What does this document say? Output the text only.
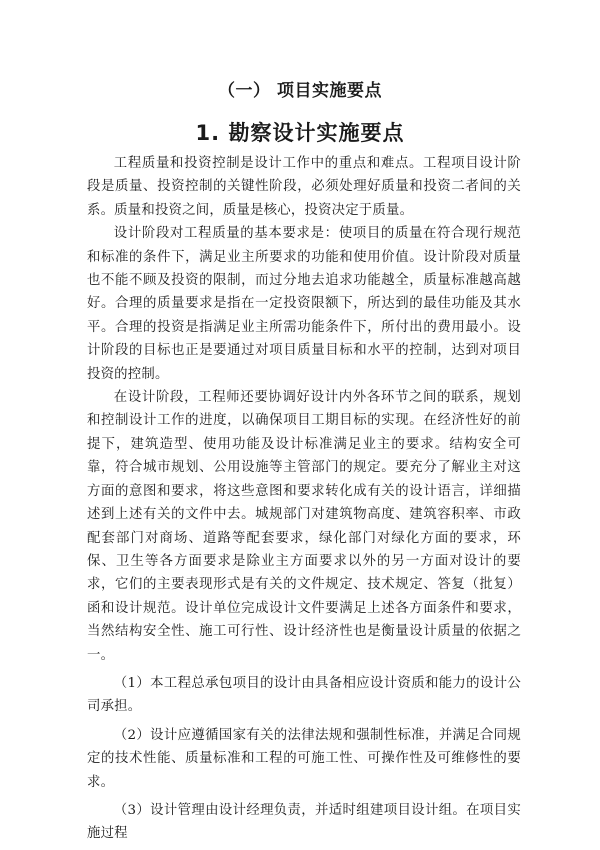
（一） 项目实施要点
1. 勘察设计实施要点

工程质量和投资控制是设计工作中的重点和难点。工程项目设计阶段是质量、投资控制的关键性阶段，必须处理好质量和投资二者间的关系。质量和投资之间，质量是核心，投资决定于质量。

设计阶段对工程质量的基本要求是：使项目的质量在符合现行规范和标准的条件下，满足业主所要求的功能和使用价值。设计阶段对质量也不能不顾及投资的限制，而过分地去追求功能越全，质量标准越高越好。合理的质量要求是指在一定投资限额下，所达到的最佳功能及其水平。合理的投资是指满足业主所需功能条件下，所付出的费用最小。设计阶段的目标也正是要通过对项目质量目标和水平的控制，达到对项目投资的控制。

在设计阶段，工程师还要协调好设计内外各环节之间的联系，规划和控制设计工作的进度，以确保项目工期目标的实现。在经济性好的前提下，建筑造型、使用功能及设计标准满足业主的要求。结构安全可靠，符合城市规划、公用设施等主管部门的规定。要充分了解业主对这方面的意图和要求，将这些意图和要求转化成有关的设计语言，详细描述到上述有关的文件中去。城规部门对建筑物高度、建筑容积率、市政配套部门对商场、道路等配套要求，绿化部门对绿化方面的要求，环保、卫生等各方面要求是除业主方面要求以外的另一方面对设计的要求，它们的主要表现形式是有关的文件规定、技术规定、答复（批复）函和设计规范。设计单位完成设计文件要满足上述各方面条件和要求，当然结构安全性、施工可行性、设计经济性也是衡量设计质量的依据之一。

（1）本工程总承包项目的设计由具备相应设计资质和能力的设计公司承担。

（2）设计应遵循国家有关的法律法规和强制性标准，并满足合同规定的技术性能、质量标准和工程的可施工性、可操作性及可维修性的要求。

（3）设计管理由设计经理负责，并适时组建项目设计组。在项目实施过程
